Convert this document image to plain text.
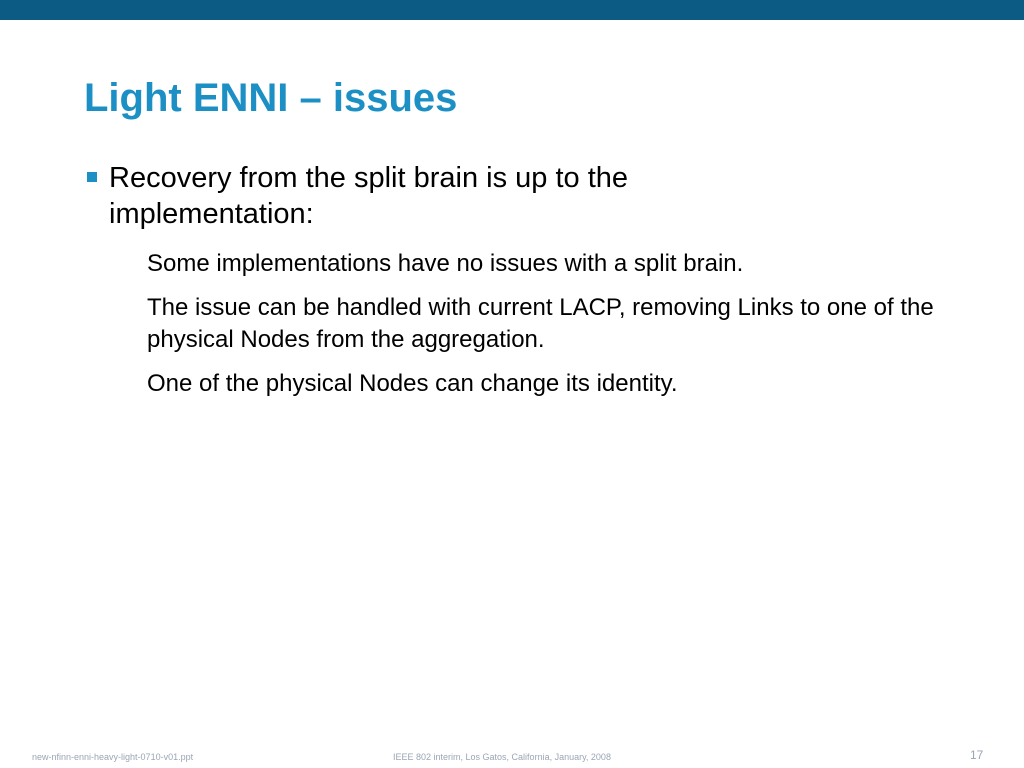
Light ENNI – issues
Recovery from the split brain is up to the implementation:
Some implementations have no issues with a split brain.
The issue can be handled with current LACP, removing Links to one of the physical Nodes from the aggregation.
One of the physical Nodes can change its identity.
new-nfinn-enni-heavy-light-0710-v01.ppt	IEEE 802 interim, Los Gatos, California, January, 2008	17
